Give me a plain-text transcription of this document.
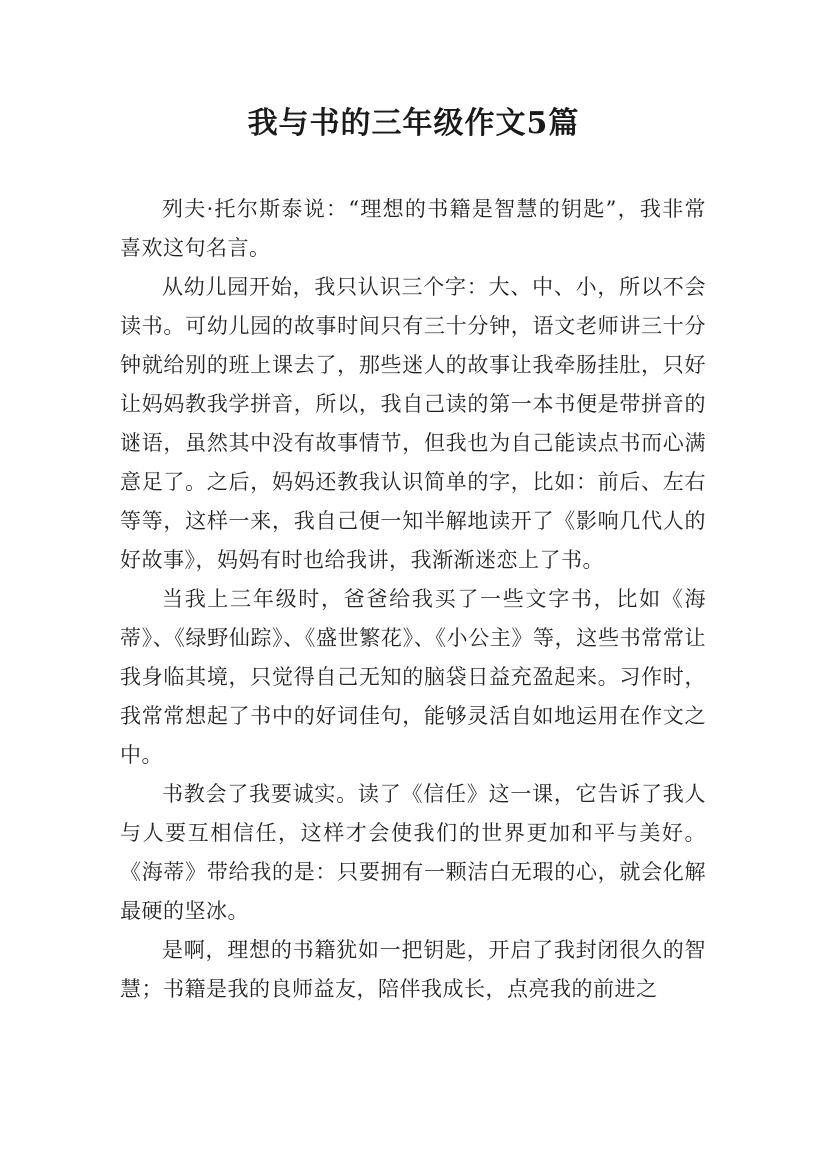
我与书的三年级作文5篇

列夫·托尔斯泰说：“理想的书籍是智慧的钥匙”，我非常喜欢这句名言。

从幼儿园开始，我只认识三个字：大、中、小，所以不会读书。可幼儿园的故事时间只有三十分钟，语文老师讲三十分钟就给别的班上课去了，那些迷人的故事让我牵肠挂肚，只好让妈妈教我学拼音，所以，我自己读的第一本书便是带拼音的谜语，虽然其中没有故事情节，但我也为自己能读点书而心满意足了。之后，妈妈还教我认识简单的字，比如：前后、左右等等，这样一来，我自己便一知半解地读开了《影响几代人的好故事》，妈妈有时也给我讲，我渐渐迷恋上了书。

当我上三年级时，爸爸给我买了一些文字书，比如《海蒂》、《绿野仙踪》、《盛世繁花》、《小公主》等，这些书常常让我身临其境，只觉得自己无知的脑袋日益充盈起来。习作时，我常常想起了书中的好词佳句，能够灵活自如地运用在作文之中。

书教会了我要诚实。读了《信任》这一课，它告诉了我人与人要互相信任，这样才会使我们的世界更加和平与美好。《海蒂》带给我的是：只要拥有一颗洁白无瑕的心，就会化解最硬的坚冰。

是啊，理想的书籍犹如一把钥匙，开启了我封闭很久的智慧；书籍是我的良师益友，陪伴我成长，点亮我的前进之
